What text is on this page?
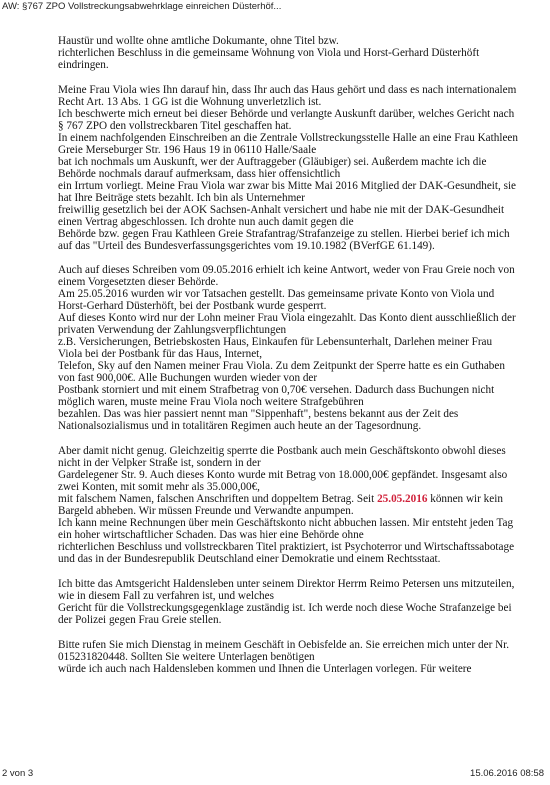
AW: §767 ZPO Vollstreckungsabwehrklage einreichen Düsterhöf...
Haustür und wollte ohne amtliche Dokumante, ohne Titel bzw.
richterlichen Beschluss in die gemeinsame Wohnung von Viola und Horst-Gerhard Düsterhöft
eindringen.
Meine Frau Viola wies Ihn darauf hin, dass Ihr auch das Haus gehört und dass es nach internationalem
Recht Art. 13 Abs. 1 GG ist die Wohnung unverletzlich ist.
Ich beschwerte mich erneut bei dieser Behörde und verlangte Auskunft darüber, welches Gericht nach
§ 767 ZPO den vollstreckbaren Titel geschaffen hat.
In einem nachfolgenden Einschreiben an die Zentrale Vollstreckungsstelle Halle an eine Frau Kathleen
Greie Merseburger Str. 196 Haus 19 in 06110 Halle/Saale
bat ich nochmals um Auskunft, wer der Auftraggeber (Gläubiger) sei. Außerdem machte ich die
Behörde nochmals darauf aufmerksam, dass hier offensichtlich
ein Irrtum vorliegt. Meine Frau Viola war zwar bis Mitte Mai 2016 Mitglied der DAK-Gesundheit, sie
hat Ihre Beiträge stets bezahlt. Ich bin als Unternehmer
freiwillig gesetzlich bei der AOK Sachsen-Anhalt versichert und habe nie mit der DAK-Gesundheit
einen Vertrag abgeschlossen. Ich drohte nun auch damit gegen die
Behörde bzw. gegen Frau Kathleen Greie Strafantrag/Strafanzeige zu stellen. Hierbei berief ich mich
auf das "Urteil des Bundesverfassungsgerichtes vom 19.10.1982 (BVerfGE 61.149).
Auch auf dieses Schreiben vom 09.05.2016 erhielt ich keine Antwort, weder von Frau Greie noch von
einem Vorgesetzten dieser Behörde.
Am 25.05.2016 wurden wir vor Tatsachen gestellt. Das gemeinsame private Konto von Viola und
Horst-Gerhard Düsterhöft, bei der Postbank wurde gesperrt.
Auf dieses Konto wird nur der Lohn meiner Frau Viola eingezahlt. Das Konto dient ausschließlich der
privaten Verwendung der Zahlungsverpflichtungen
z.B. Versicherungen, Betriebskosten Haus, Einkaufen für Lebensunterhalt, Darlehen meiner Frau
Viola bei der Postbank für das Haus, Internet,
Telefon, Sky auf den Namen meiner Frau Viola. Zu dem Zeitpunkt der Sperre hatte es ein Guthaben
von fast 900,00€. Alle Buchungen wurden wieder von der
Postbank storniert und mit einem Strafbetrag von 0,70€ versehen. Dadurch dass Buchungen nicht
möglich waren, muste meine Frau Viola noch weitere Strafgebühren
bezahlen. Das was hier passiert nennt man "Sippenhaft", bestens bekannt aus der Zeit des
Nationalsozialismus und in totalitären Regimen auch heute an der Tagesordnung.
Aber damit nicht genug. Gleichzeitig sperrte die Postbank auch mein Geschäftskonto obwohl dieses
nicht in der Velpker Straße ist, sondern in der
Gardelegener Str. 9. Auch dieses Konto wurde mit Betrag von 18.000,00€ gepfändet. Insgesamt also
zwei Konten, mit somit mehr als 35.000,00€,
mit falschem Namen, falschen Anschriften und doppeltem Betrag. Seit 25.05.2016 können wir kein
Bargeld abheben. Wir müssen Freunde und Verwandte anpumpen.
Ich kann meine Rechnungen über mein Geschäftskonto nicht abbuchen lassen. Mir entsteht jeden Tag
ein hoher wirtschaftlicher Schaden. Das was hier eine Behörde ohne
richterlichen Beschluss und vollstreckbaren Titel praktiziert, ist Psychoterror und Wirtschaftssabotage
und das in der Bundesrepublik Deutschland einer Demokratie und einem Rechtsstaat.
Ich bitte das Amtsgericht Haldensleben unter seinem Direktor Herrm Reimo Petersen uns mitzuteilen,
wie in diesem Fall zu verfahren ist, und welches
Gericht für die Vollstreckungsgegenklage zuständig ist. Ich werde noch diese Woche Strafanzeige bei
der Polizei gegen Frau Greie stellen.
Bitte rufen Sie mich Dienstag in meinem Geschäft in Oebisfelde an. Sie erreichen mich unter der Nr.
015231820448. Sollten Sie weitere Unterlagen benötigen
würde ich auch nach Haldensleben kommen und Ihnen die Unterlagen vorlegen. Für weitere
2 von 3	15.06.2016 08:58
